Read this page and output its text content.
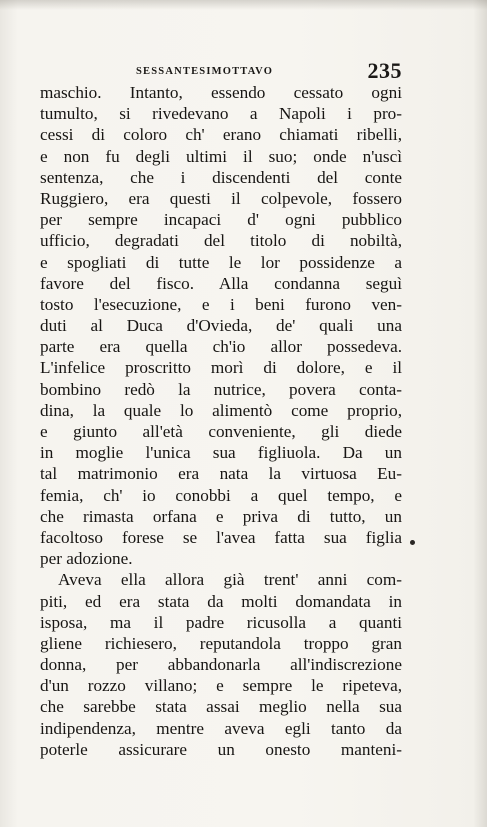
SESSANTESIMOTTAVO	235
maschio. Intanto, essendo cessato ogni
tumulto, si rivedevano a Napoli i pro-
cessi di coloro ch' erano chiamati ribelli,
e non fu degli ultimi il suo; onde n'uscì
sentenza, che i discendenti del conte
Ruggiero, era questi il colpevole, fossero
per sempre incapaci d' ogni pubblico
ufficio, degradati del titolo di nobiltà,
e spogliati di tutte le lor possidenze a
favore del fisco. Alla condanna seguì
tosto l'esecuzione, e i beni furono ven-
duti al Duca d'Ovieda, de' quali una
parte era quella ch'io allor possedeva.
L'infelice proscritto morì di dolore, e il
bombino redò la nutrice, povera conta-
dina, la quale lo alimentò come proprio,
e giunto all'età conveniente, gli diede
in moglie l'unica sua figliuola. Da un
tal matrimonio era nata la virtuosa Eu-
femia, ch' io conobbi a quel tempo, e
che rimasta orfana e priva di tutto, un
facoltoso forese se l'avea fatta sua figlia
per adozione.
Aveva ella allora già trent' anni com-
piti, ed era stata da molti domandata in
isposa, ma il padre ricusolla a quanti
gliene richiesero, reputandola troppo gran
donna, per abbandonarla all'indiscrezione
d'un rozzo villano; e sempre le ripeteva,
che sarebbe stata assai meglio nella sua
indipendenza, mentre aveva egli tanto da
poterle assicurare un onesto manteni-
